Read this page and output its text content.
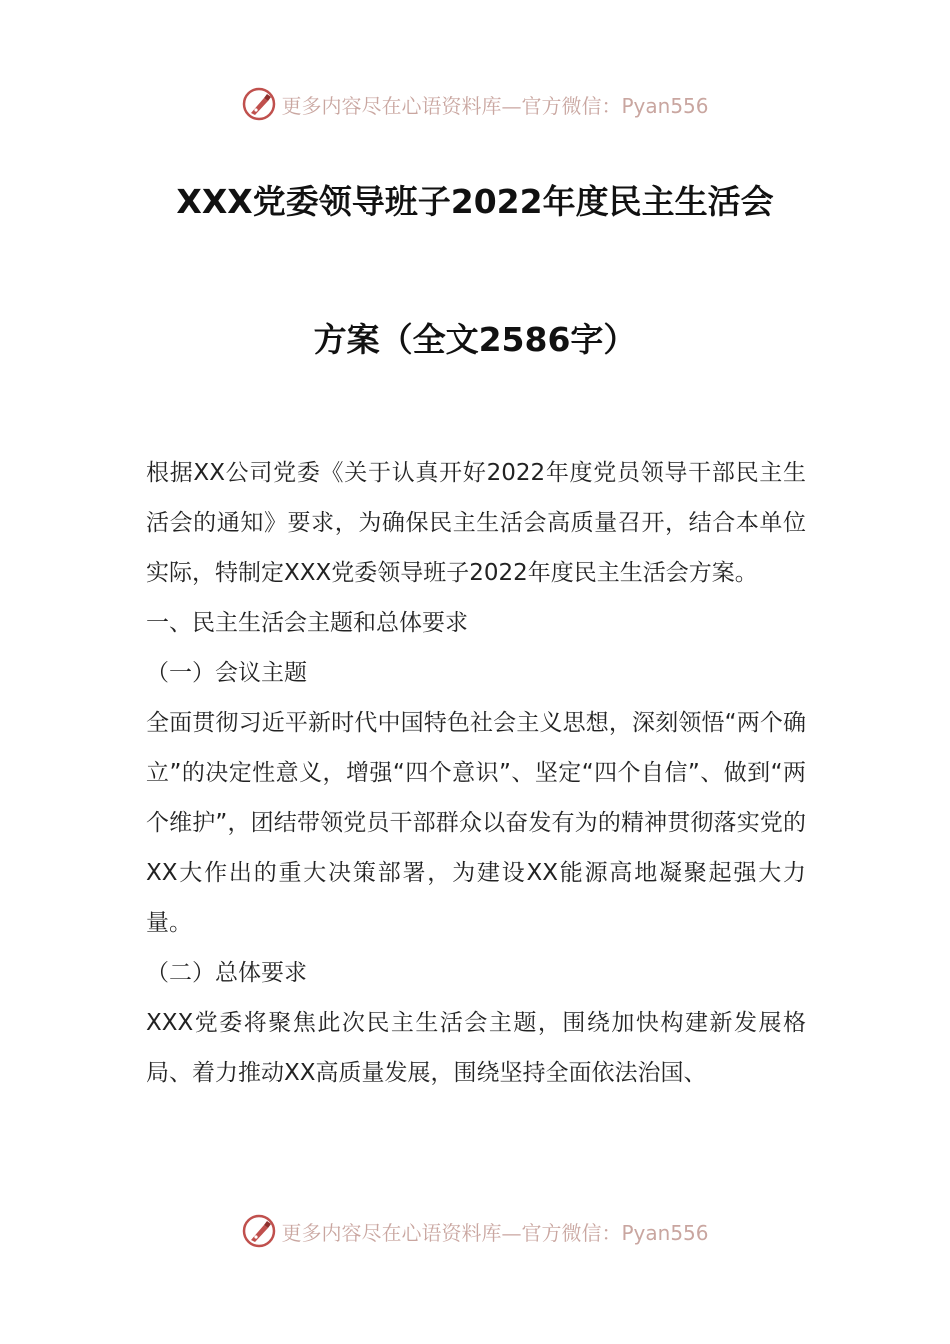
更多内容尽在心语资料库—官方微信：Pyan556
XXX党委领导班子2022年度民主生活会
方案（全文2586字）

根据XX公司党委《关于认真开好2022年度党员领导干部民主生活会的通知》要求，为确保民主生活会高质量召开，结合本单位实际，特制定XXX党委领导班子2022年度民主生活会方案。

一、民主生活会主题和总体要求

（一）会议主题

全面贯彻习近平新时代中国特色社会主义思想，深刻领悟“两个确立”的决定性意义，增强“四个意识”、坚定“四个自信”、做到“两个维护”，团结带领党员干部群众以奋发有为的精神贯彻落实党的XX大作出的重大决策部署，为建设XX能源高地凝聚起强大力量。

（二）总体要求

XXX党委将聚焦此次民主生活会主题，围绕加快构建新发展格局、着力推动XX高质量发展，围绕坚持全面依法治国、

更多内容尽在心语资料库—官方微信：Pyan556
